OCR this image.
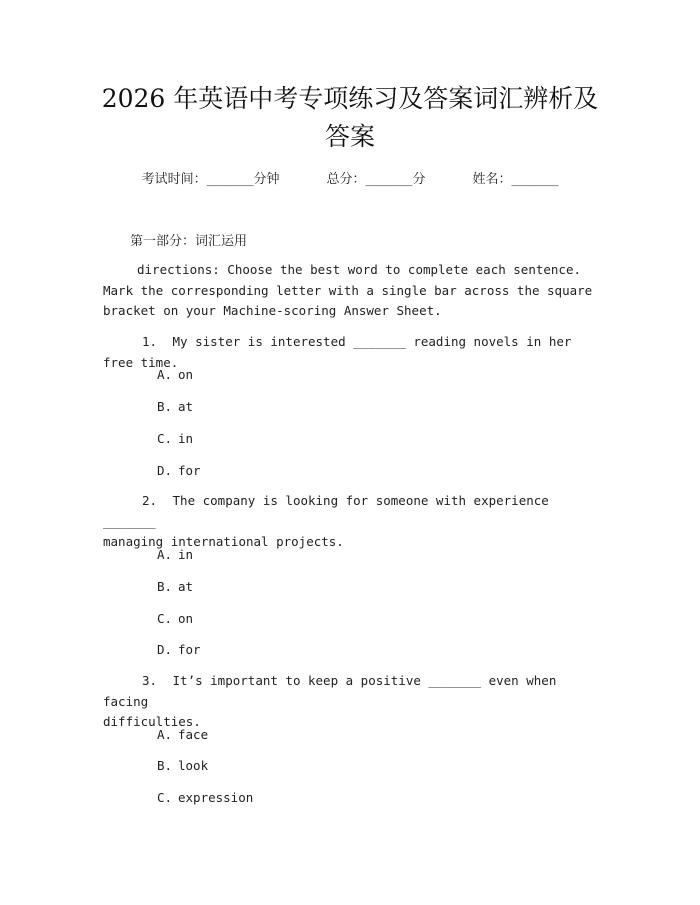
2026 年英语中考专项练习及答案词汇辨析及
答案
考试时间：______分钟	总分：______分	姓名：______
第一部分：词汇运用
directions: Choose the best word to complete each sentence. Mark the corresponding letter with a single bar across the square bracket on your Machine-scoring Answer Sheet.
1. My sister is interested _______ reading novels in her free time.
A. on
B. at
C. in
D. for
2. The company is looking for someone with experience _______
managing international projects.
A. in
B. at
C. on
D. for
3. It’s important to keep a positive _______ even when facing
difficulties.
A. face
B. look
C. expression
